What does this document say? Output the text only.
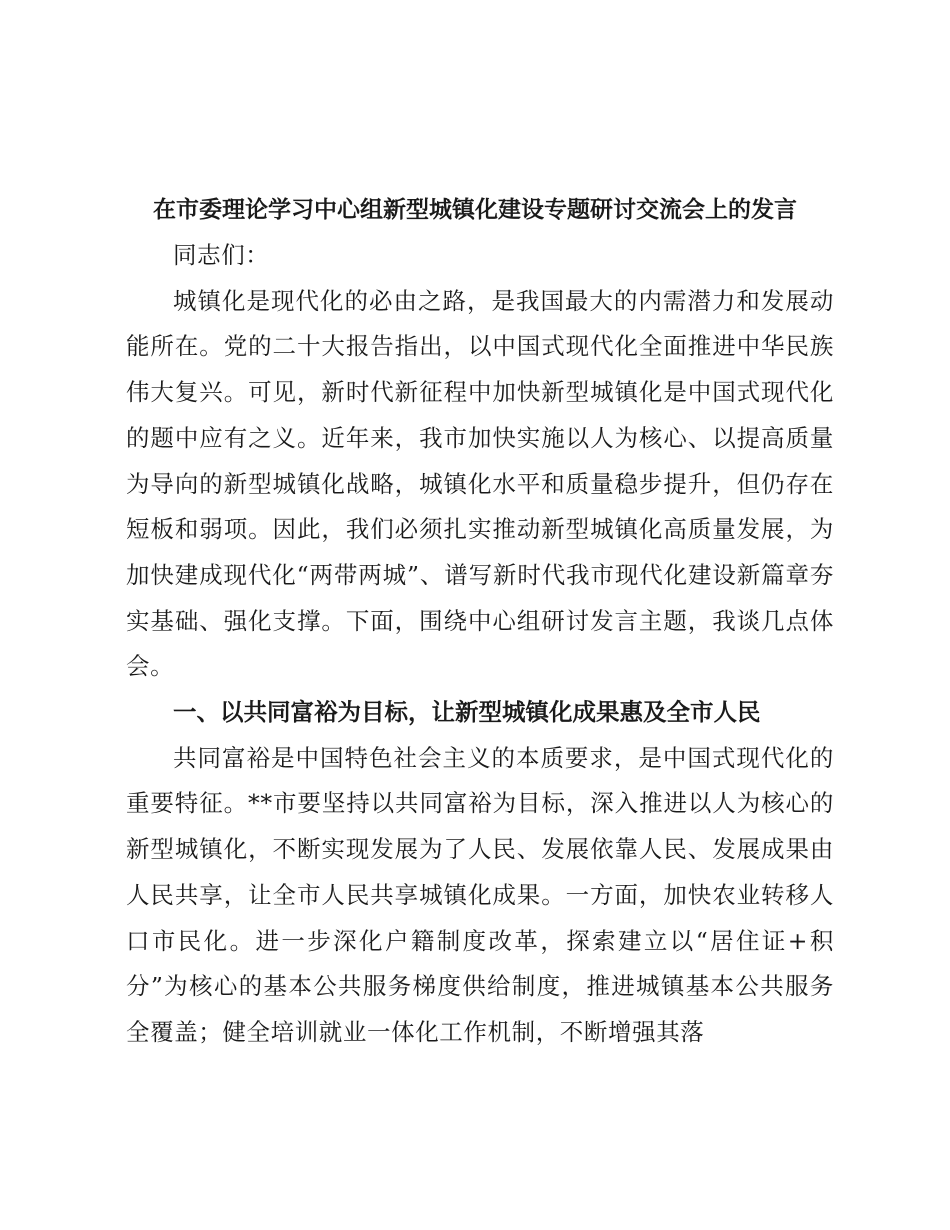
在市委理论学习中心组新型城镇化建设专题研讨交流会上的发言

同志们：

城镇化是现代化的必由之路，是我国最大的内需潜力和发展动能所在。党的二十大报告指出，以中国式现代化全面推进中华民族伟大复兴。可见，新时代新征程中加快新型城镇化是中国式现代化的题中应有之义。近年来，我市加快实施以人为核心、以提高质量为导向的新型城镇化战略，城镇化水平和质量稳步提升，但仍存在短板和弱项。因此，我们必须扎实推动新型城镇化高质量发展，为加快建成现代化“两带两城”、谱写新时代我市现代化建设新篇章夯实基础、强化支撑。下面，围绕中心组研讨发言主题，我谈几点体会。

一、以共同富裕为目标，让新型城镇化成果惠及全市人民

共同富裕是中国特色社会主义的本质要求，是中国式现代化的重要特征。**市要坚持以共同富裕为目标，深入推进以人为核心的新型城镇化，不断实现发展为了人民、发展依靠人民、发展成果由人民共享，让全市人民共享城镇化成果。一方面，加快农业转移人口市民化。进一步深化户籍制度改革，探索建立以“居住证+积分”为核心的基本公共服务梯度供给制度，推进城镇基本公共服务全覆盖；健全培训就业一体化工作机制，不断增强其落
